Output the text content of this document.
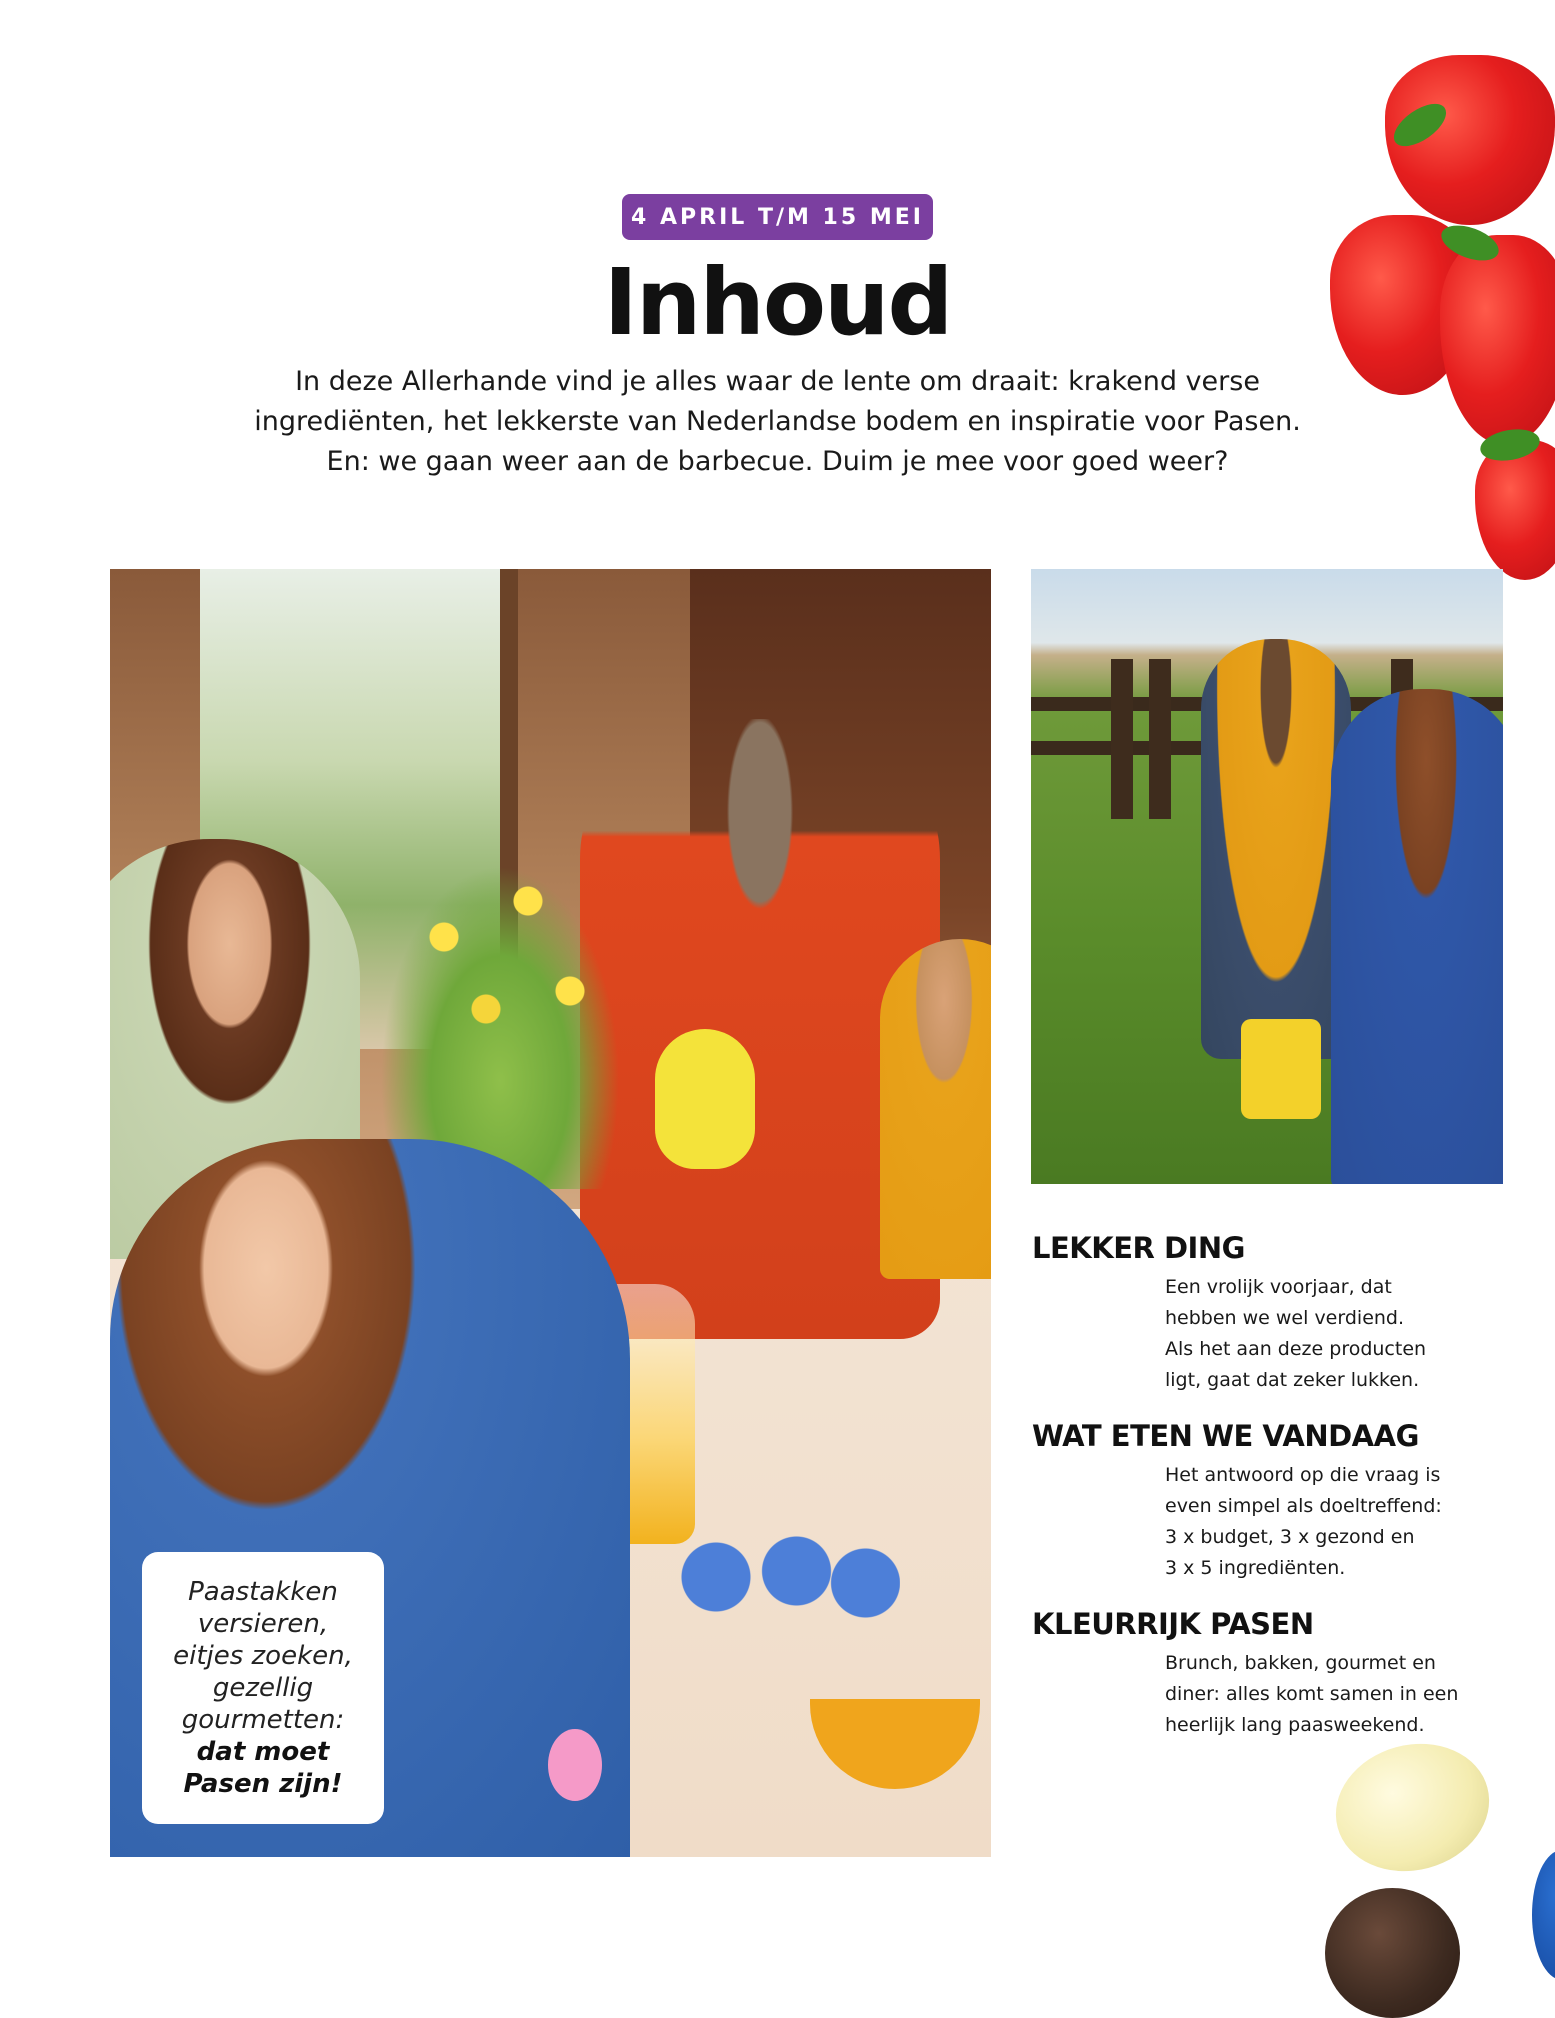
4 APRIL T/M 15 MEI
Inhoud

In deze Allerhande vind je alles waar de lente om draait: krakend verse
ingrediënten, het lekkerste van Nederlandse bodem en inspiratie voor Pasen.
En: we gaan weer aan de barbecue. Duim je mee voor goed weer?

Paastakken
versieren,
eitjes zoeken,
gezellig
gourmetten:
dat moet
Pasen zijn!
LEKKER DING

Een vrolijk voorjaar, dat
hebben we wel verdiend.
Als het aan deze producten
ligt, gaat dat zeker lukken.

WAT ETEN WE VANDAAG

Het antwoord op die vraag is
even simpel als doeltreffend:
3 x budget, 3 x gezond en
3 x 5 ingrediënten.

KLEURRIJK PASEN

Brunch, bakken, gourmet en
diner: alles komt samen in een
heerlijk lang paasweekend.
